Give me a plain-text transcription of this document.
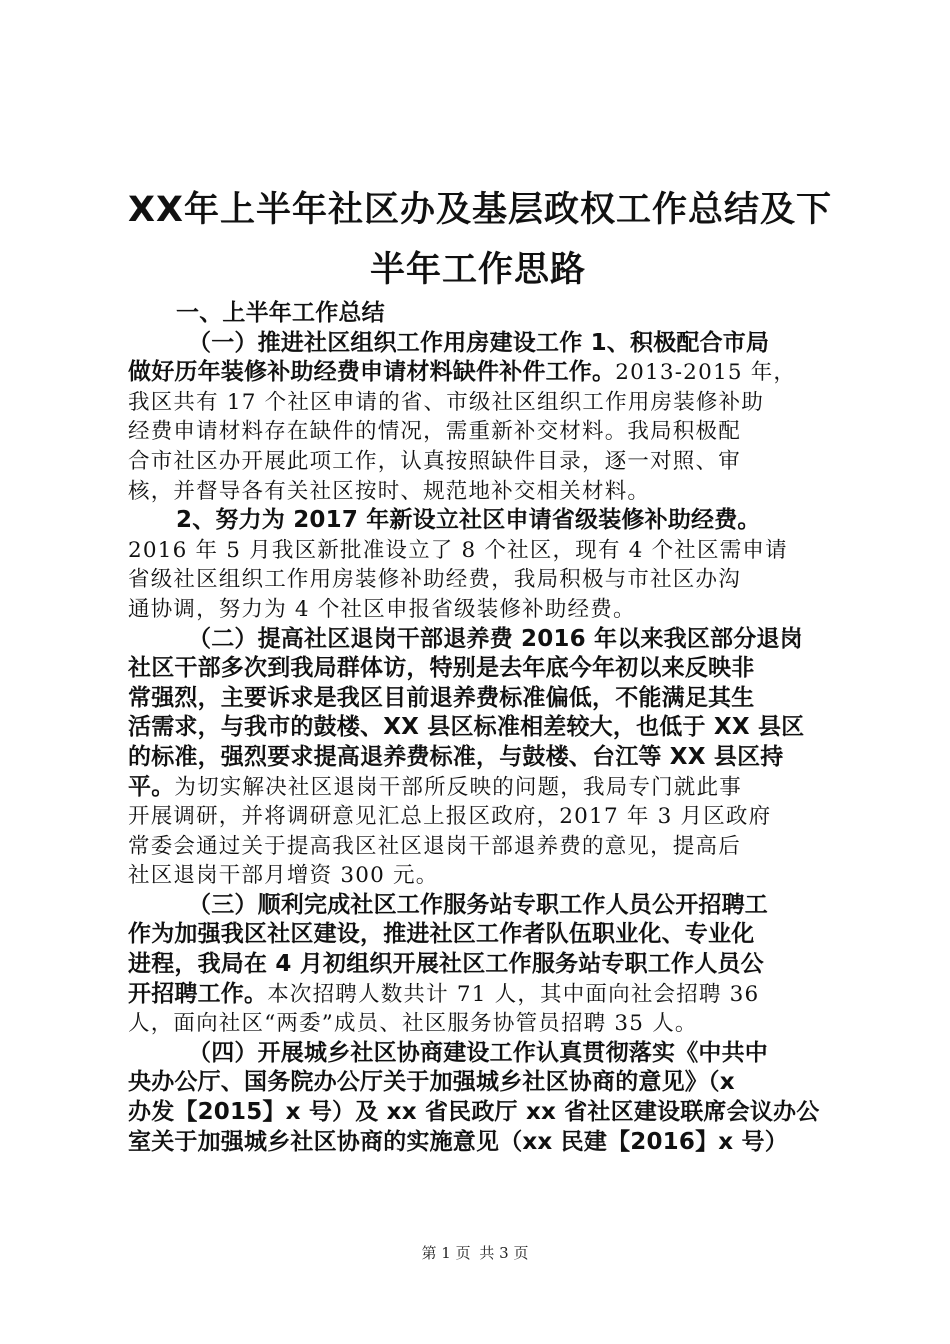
XX年上半年社区办及基层政权工作总结及下
半年工作思路
一、上半年工作总结
（一）推进社区组织工作用房建设工作 1、积极配合市局
做好历年装修补助经费申请材料缺件补件工作。2013-2015 年，
我区共有 17 个社区申请的省、市级社区组织工作用房装修补助
经费申请材料存在缺件的情况，需重新补交材料。我局积极配
合市社区办开展此项工作，认真按照缺件目录，逐一对照、审
核，并督导各有关社区按时、规范地补交相关材料。
2、努力为 2017 年新设立社区申请省级装修补助经费。
2016 年 5 月我区新批准设立了 8 个社区，现有 4 个社区需申请
省级社区组织工作用房装修补助经费，我局积极与市社区办沟
通协调，努力为 4 个社区申报省级装修补助经费。
（二）提高社区退岗干部退养费 2016 年以来我区部分退岗
社区干部多次到我局群体访，特别是去年底今年初以来反映非
常强烈，主要诉求是我区目前退养费标准偏低，不能满足其生
活需求，与我市的鼓楼、XX 县区标准相差较大，也低于 XX 县区
的标准，强烈要求提高退养费标准，与鼓楼、台江等 XX 县区持
平。为切实解决社区退岗干部所反映的问题，我局专门就此事
开展调研，并将调研意见汇总上报区政府，2017 年 3 月区政府
常委会通过关于提高我区社区退岗干部退养费的意见，提高后
社区退岗干部月增资 300 元。
（三）顺利完成社区工作服务站专职工作人员公开招聘工
作为加强我区社区建设，推进社区工作者队伍职业化、专业化
进程，我局在 4 月初组织开展社区工作服务站专职工作人员公
开招聘工作。本次招聘人数共计 71 人，其中面向社会招聘 36
人，面向社区“两委”成员、社区服务协管员招聘 35 人。
（四）开展城乡社区协商建设工作认真贯彻落实《中共中
央办公厅、国务院办公厅关于加强城乡社区协商的意见》（x
办发【2015】x 号）及 xx 省民政厅 xx 省社区建设联席会议办公
室关于加强城乡社区协商的实施意见（xx 民建【2016】x 号）
第 1 页 共 3 页
